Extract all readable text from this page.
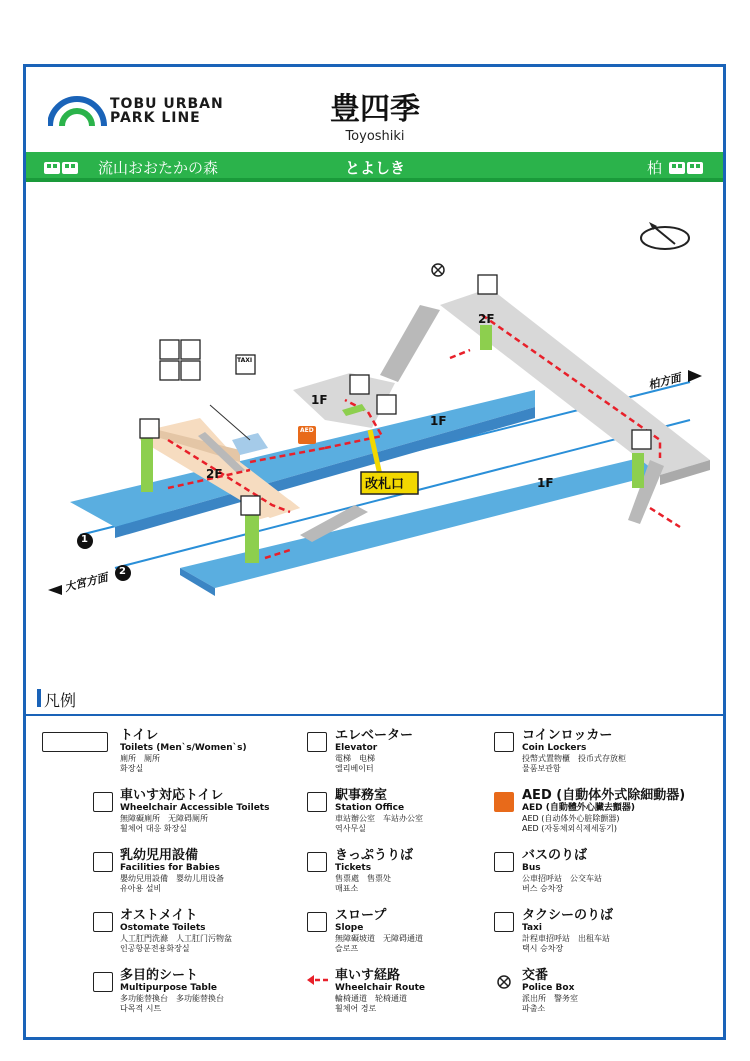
TOBU URBAN
PARK LINE	豊四季
Toyoshiki
流山おおたかの森	とよしき	柏
2F
2F
1F
1F
1F
改札口
柏方面
大宮方面
1
2
AED
TAXI
凡例
トイレ
Toilets (Men`s/Women`s)
廁所　厕所
화장실
車いす対応トイレ
Wheelchair Accessible Toilets
無障礙廁所　无障碍厕所
휠체어 대응 화장실
乳幼児用設備
Facilities for Babies
嬰幼兒用設備　婴幼儿用设备
유아용 설비
オストメイト
Ostomate Toilets
人工肛門洗滌　人工肛门污物盆
인공항문전용화장실
多目的シート
Multipurpose Table
多功能替換台　多功能替换台
다목적 시트
エレベーター
Elevator
電梯　电梯
엘리베이터
駅事務室
Station Office
車站辦公室　车站办公室
역사무실
きっぷうりば
Tickets
售票處　售票处
매표소
スロープ
Slope
無障礙坡道　无障碍通道
슬로프
車いす経路
Wheelchair Route
輪椅通道　轮椅通道
휠체어 경로
コインロッカー
Coin Lockers
投幣式置物櫃　投币式存放柜
물품보관함
AED (自動体外式除細動器)
AED (自動體外心臟去顫器)
AED (自动体外心脏除颤器)
AED (자동체외식제세동기)
バスのりば
Bus
公車招呼站　公交车站
버스 승차장
タクシーのりば
Taxi
計程車招呼站　出租车站
택시 승차장
交番
Police Box
派出所　警务室
파출소
